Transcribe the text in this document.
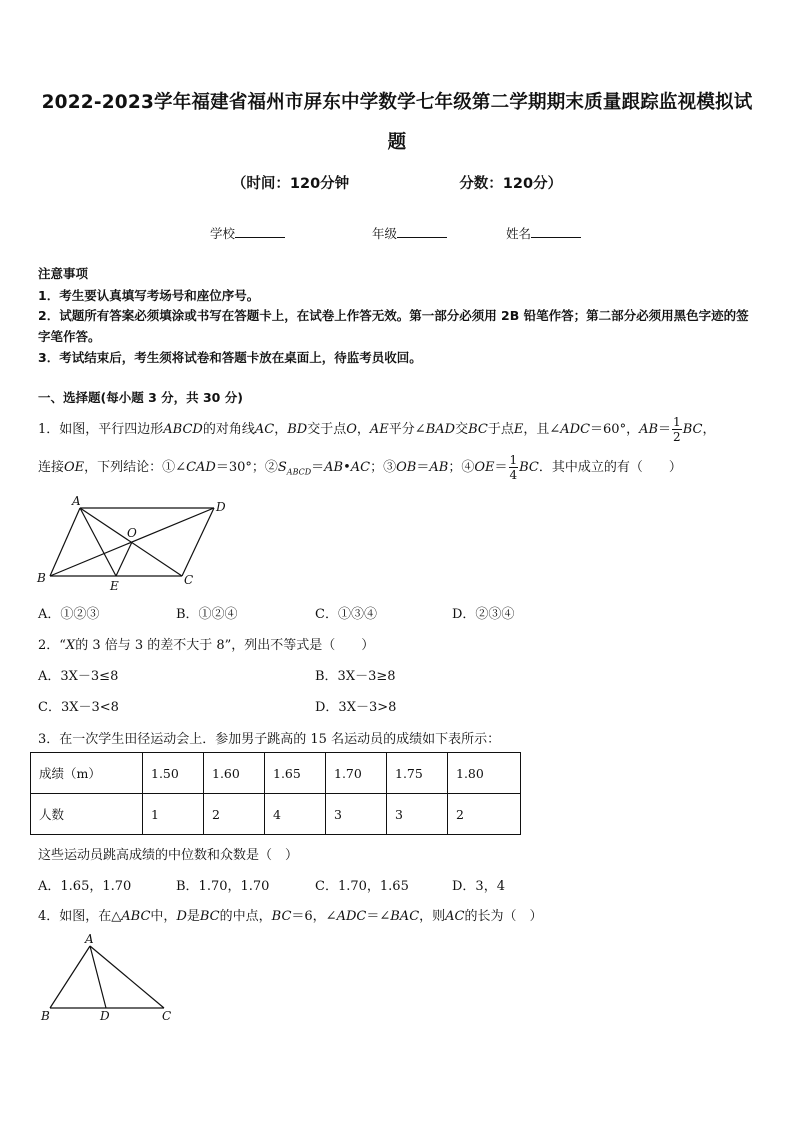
2022-2023学年福建省福州市屏东中学数学七年级第二学期期末质量跟踪监视模拟试
题
（时间：120分钟	分数：120分）
学校	年级	姓名
注意事项
1．考生要认真填写考场号和座位序号。
2．试题所有答案必须填涂或书写在答题卡上，在试卷上作答无效。第一部分必须用 2B 铅笔作答；第二部分必须用黑色字迹的签字笔作答。
3．考试结束后，考生须将试卷和答题卡放在桌面上，待监考员收回。
一、选择题(每小题 3 分，共 30 分)
1．如图，平行四边形ABCD的对角线AC，BD交于点O，AE平分∠BAD交BC于点E，且∠ADC＝60°，$AB= \frac{1}{2}$ BC，
连接OE，下列结论：①∠CAD＝30°；$②S_{ABCD}=AB•AC$；③OB＝AB；④OE＝ $\frac{1}{4}$ BC．其中成立的有（　　）
A	D
O
B
E	C
A．①②③	B．①②④	C．①③④	D．②③④
2．“X的 3 倍与 3 的差不大于 8”，列出不等式是（　　）
A．3X－3≤8	B．3X－3≥8
C．3X－3<8	D．3X－3>8
3．在一次学生田径运动会上．参加男子跳高的 15 名运动员的成绩如下表所示：
成绩（m）	1.50	1.60	1.65	1.70	1.75	1.80
人数	1	2	4	3	3	2
这些运动员跳高成绩的中位数和众数是（　）
A．1.65，1.70	B．1.70，1.70	C．1.70，1.65	D．3，4
4．如图，在△ABC中，D是BC的中点，BC＝6，∠ADC＝∠BAC，则AC的长为（　）
A
B	D	C
